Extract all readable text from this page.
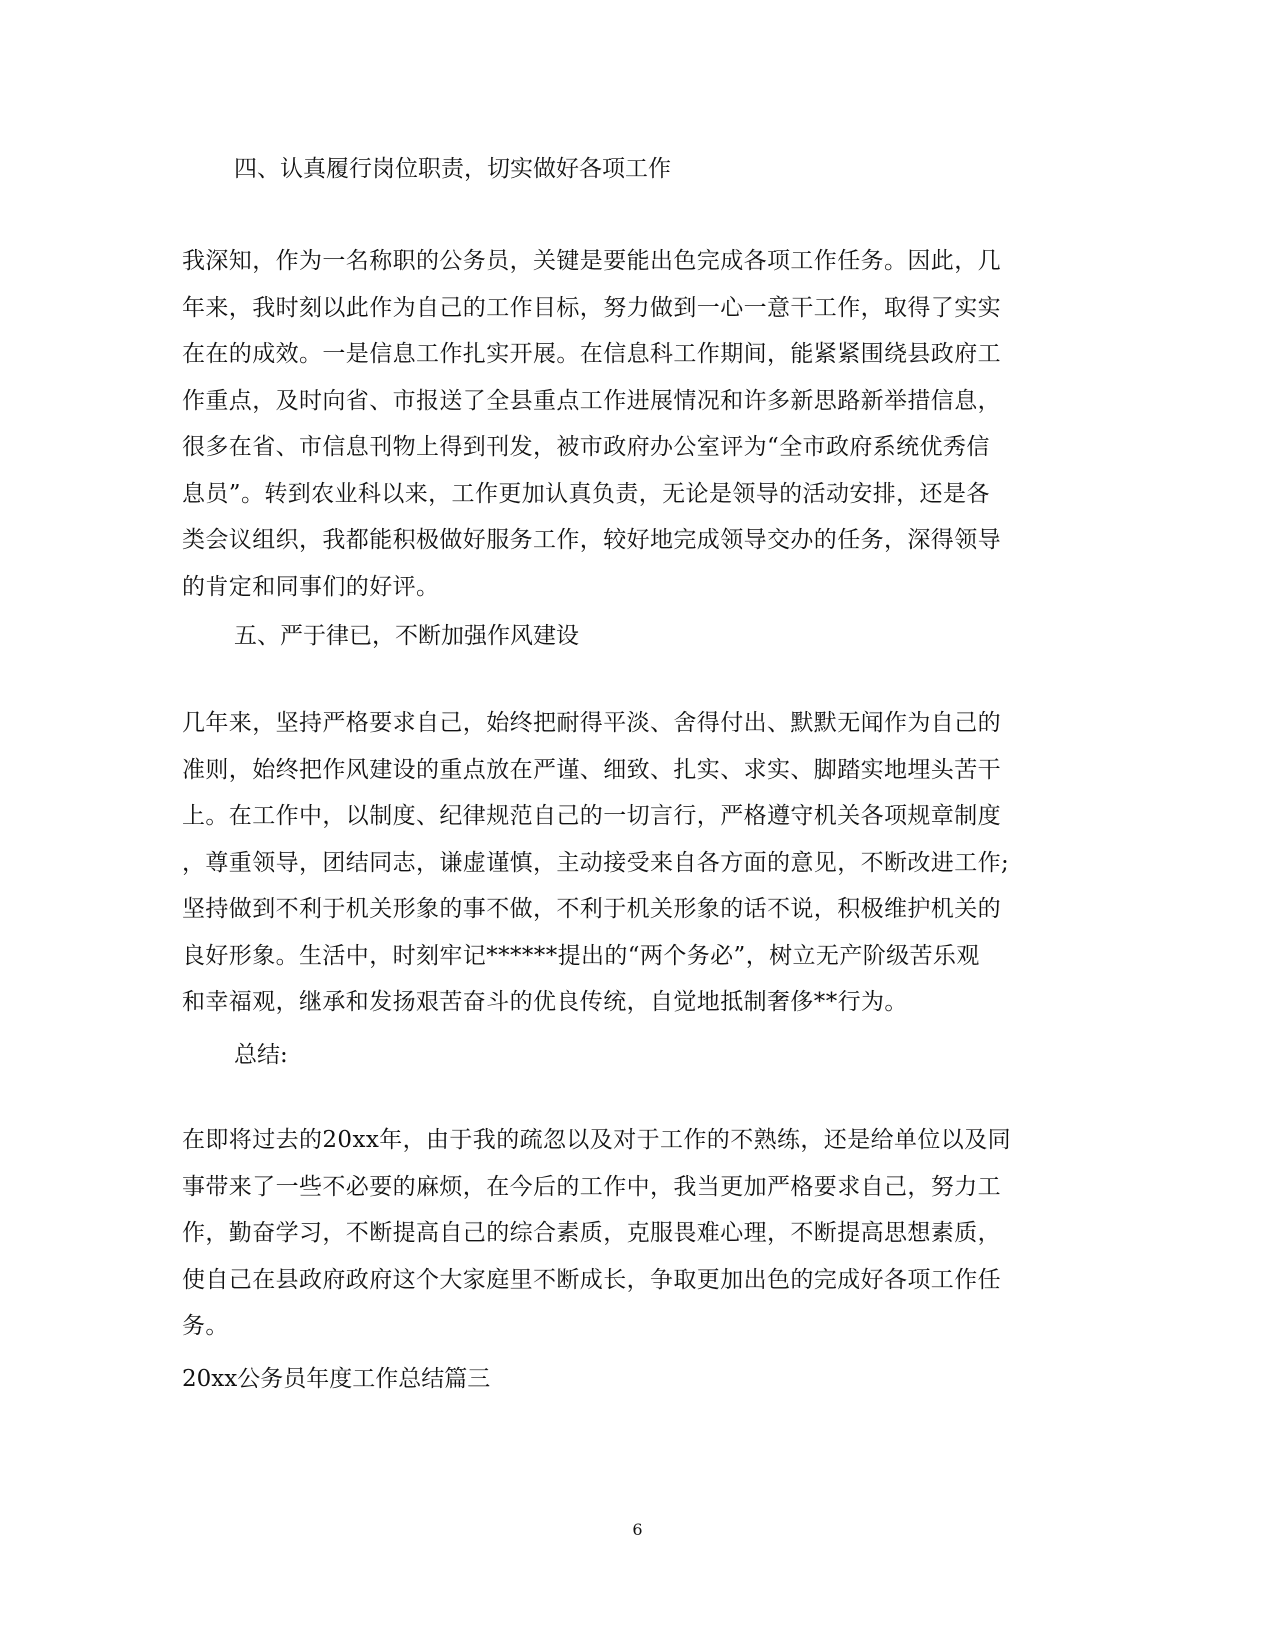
四、认真履行岗位职责，切实做好各项工作
我深知，作为一名称职的公务员，关键是要能出色完成各项工作任务。因此，几
年来，我时刻以此作为自己的工作目标，努力做到一心一意干工作，取得了实实
在在的成效。一是信息工作扎实开展。在信息科工作期间，能紧紧围绕县政府工
作重点，及时向省、市报送了全县重点工作进展情况和许多新思路新举措信息，
很多在省、市信息刊物上得到刊发，被市政府办公室评为“全市政府系统优秀信
息员”。转到农业科以来，工作更加认真负责，无论是领导的活动安排，还是各
类会议组织，我都能积极做好服务工作，较好地完成领导交办的任务，深得领导
的肯定和同事们的好评。
五、严于律已，不断加强作风建设
几年来，坚持严格要求自己，始终把耐得平淡、舍得付出、默默无闻作为自己的
准则，始终把作风建设的重点放在严谨、细致、扎实、求实、脚踏实地埋头苦干
上。在工作中，以制度、纪律规范自己的一切言行，严格遵守机关各项规章制度
，尊重领导，团结同志，谦虚谨慎，主动接受来自各方面的意见，不断改进工作;
坚持做到不利于机关形象的事不做，不利于机关形象的话不说，积极维护机关的
良好形象。生活中，时刻牢记******提出的“两个务必”，树立无产阶级苦乐观
和幸福观，继承和发扬艰苦奋斗的优良传统，自觉地抵制奢侈**行为。
总结:
在即将过去的20xx年，由于我的疏忽以及对于工作的不熟练，还是给单位以及同
事带来了一些不必要的麻烦，在今后的工作中，我当更加严格要求自己，努力工
作，勤奋学习，不断提高自己的综合素质，克服畏难心理，不断提高思想素质，
使自己在县政府政府这个大家庭里不断成长，争取更加出色的完成好各项工作任
务。
20xx公务员年度工作总结篇三
6
